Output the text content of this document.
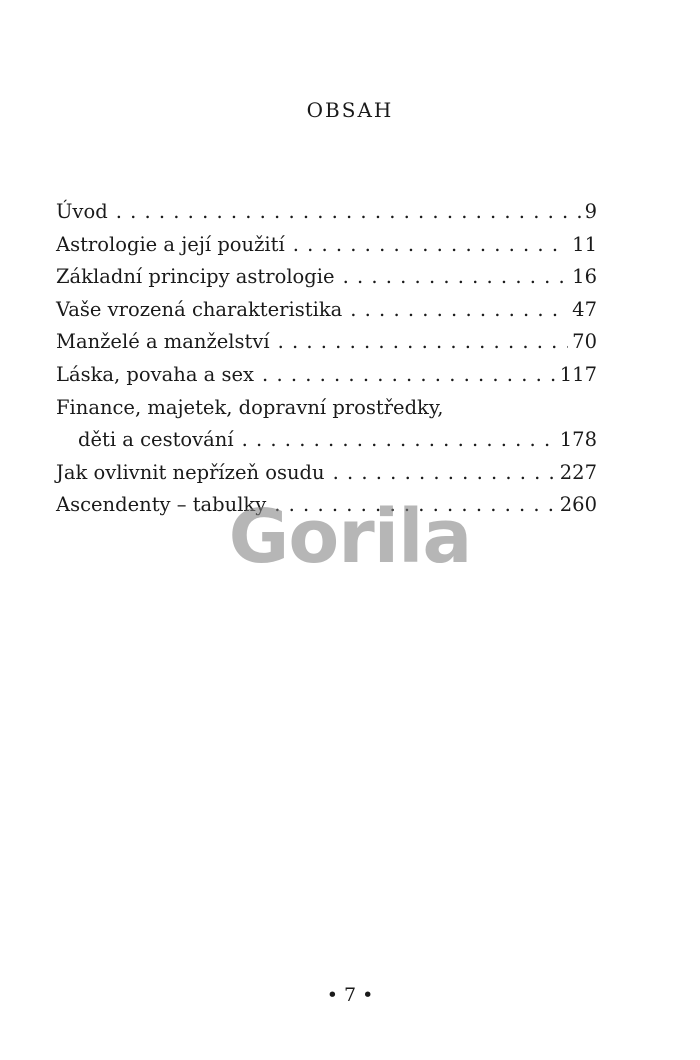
OBSAH
Úvod . . .	9
Astrologie a její použití . . .	11
Základní principy astrologie . . .	16
Vaše vrozená charakteristika . . .	47
Manželé a manželství . . .	70
Láska, povaha a sex . . .	117
Finance, majetek, dopravní prostředky,
děti a cestování . . .	178
Jak ovlivnit nepřízeň osudu . . .	227
Ascendenty – tabulky . . .	260
Gorila
• 7 •
